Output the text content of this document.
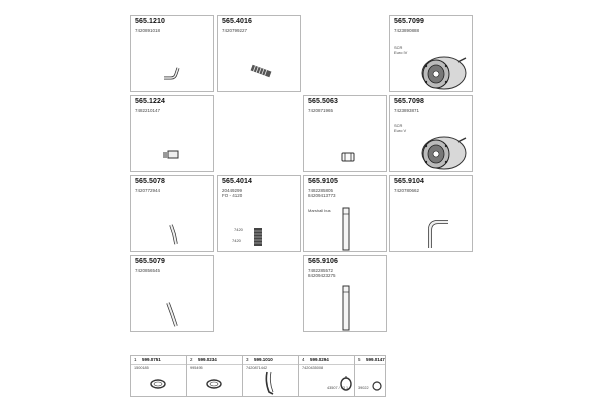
565.1210
7420891018
565.4016
7420799227
565.7099
7423890888
SCR
Euro IV
565.1224
7482210147
565.5063
7420871965
565.7098
7423893871
SCR
Euro V
565.5078
7420772944
565.4014
20449299
FO - 4120
7420
7420
565.9105
7482285805
84209413773
Marshall bus
565.9104
7420780662
565.5079
7420856545
565.9106
7482285572
84209423275
1 599.0751
1500185
2 599.0234
995495
3 599.1010
7420871442
4 599.0294
7420435008
43507 / 43 1
5 599.0147
39022
